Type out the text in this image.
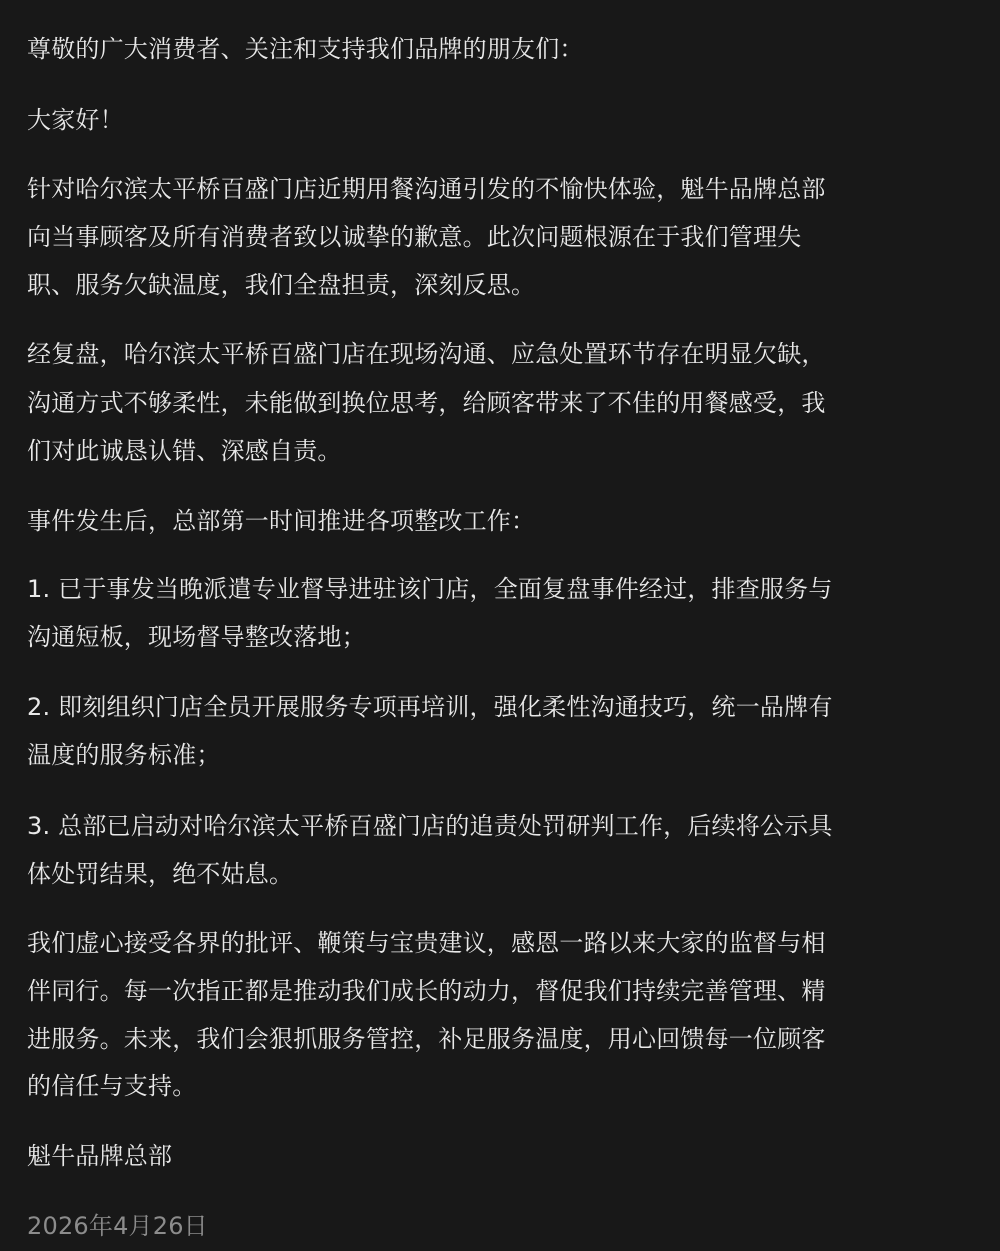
尊敬的广大消费者、关注和支持我们品牌的朋友们：
大家好！
针对哈尔滨太平桥百盛门店近期用餐沟通引发的不愉快体验，魁牛品牌总部
向当事顾客及所有消费者致以诚挚的歉意。此次问题根源在于我们管理失
职、服务欠缺温度，我们全盘担责，深刻反思。
经复盘，哈尔滨太平桥百盛门店在现场沟通、应急处置环节存在明显欠缺，
沟通方式不够柔性，未能做到换位思考，给顾客带来了不佳的用餐感受，我
们对此诚恳认错、深感自责。
事件发生后，总部第一时间推进各项整改工作：
1. 已于事发当晚派遣专业督导进驻该门店，全面复盘事件经过，排查服务与
沟通短板，现场督导整改落地；
2. 即刻组织门店全员开展服务专项再培训，强化柔性沟通技巧，统一品牌有
温度的服务标准；
3. 总部已启动对哈尔滨太平桥百盛门店的追责处罚研判工作，后续将公示具
体处罚结果，绝不姑息。
我们虚心接受各界的批评、鞭策与宝贵建议，感恩一路以来大家的监督与相
伴同行。每一次指正都是推动我们成长的动力，督促我们持续完善管理、精
进服务。未来，我们会狠抓服务管控，补足服务温度，用心回馈每一位顾客
的信任与支持。
魁牛品牌总部
2026年4月26日
